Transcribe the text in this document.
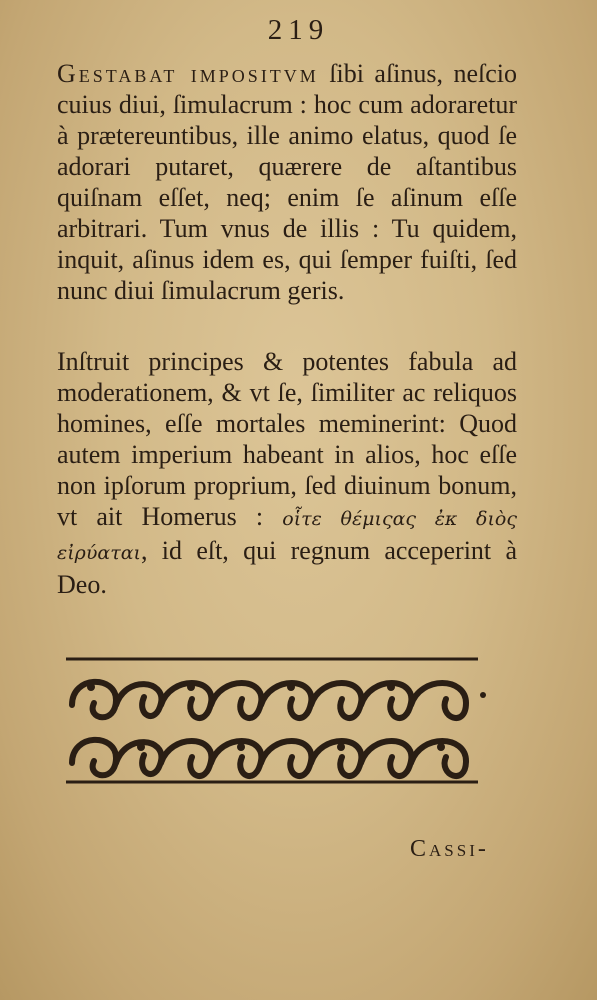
219

Gestabat impositvm ſibi aſinus, neſcio cuius diui, ſimulacrum : hoc cum adoraretur à prætereuntibus, ille animo elatus, quod ſe adorari putaret, quærere de aſtantibus quiſnam eſſet, neq; enim ſe aſinum eſſe arbitrari. Tum vnus de illis : Tu quidem, inquit, aſinus idem es, qui ſemper fuiſti, ſed nunc diui ſimulacrum geris.

Inſtruit principes & potentes fabula ad moderationem, & vt ſe, ſimiliter ac reliquos homines, eſſe mortales meminerint: Quod autem imperium habeant in alios, hoc eſſe non ipſorum proprium, ſed diuinum bonum, vt ait Homerus : οἷτε θέμιςας ἐκ διὸς εἰρύαται, id eſt, qui regnum acceperint à Deo.

Cassi-
